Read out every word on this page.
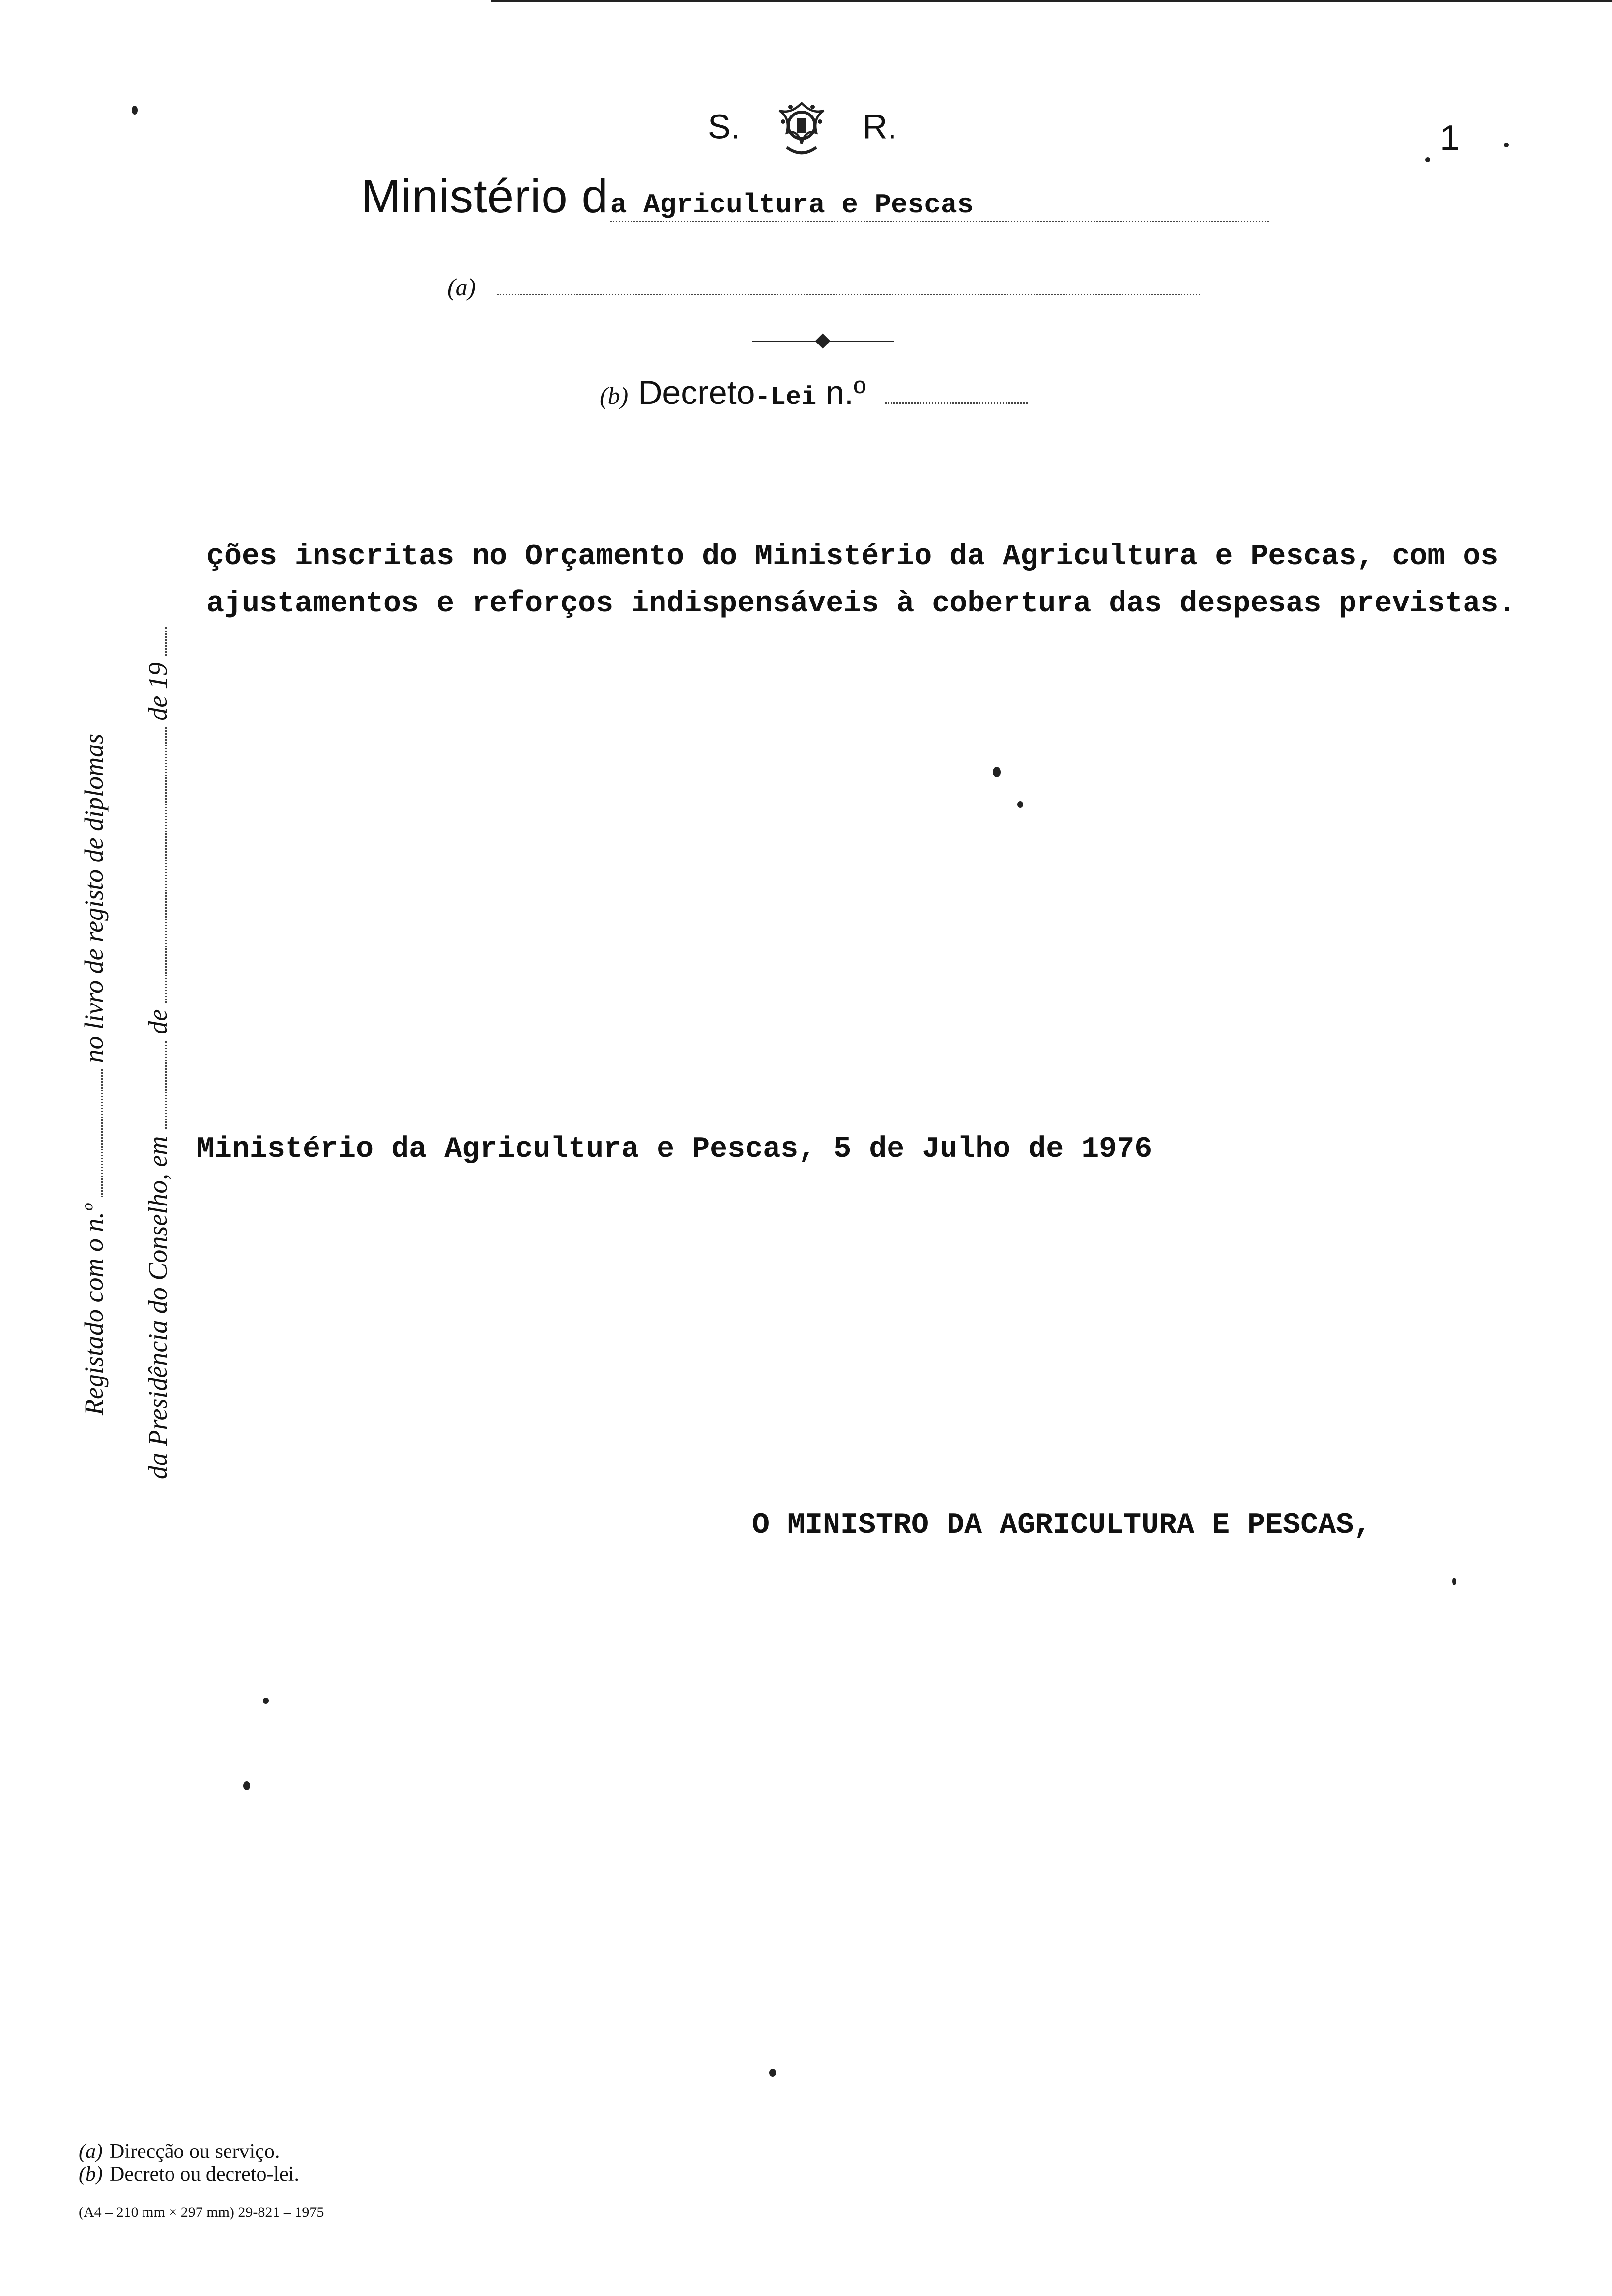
S.	R.	1
Ministério d a Agricultura e Pescas
(a)
(b) Decreto-Lei n.º

ções inscritas no Orçamento do Ministério da Agricultura e Pescas, com os

ajustamentos e reforços indispensáveis à cobertura das despesas previstas.

Ministério da Agricultura e Pescas, 5 de Julho de 1976
O MINISTRO DA AGRICULTURA E PESCAS,
Registado com o n.º  no livro de registo de diplomas
da Presidência do Conselho, em  de  de 19

(a) Direcção ou serviço.

(b) Decreto ou decreto-lei.

(A4 – 210 mm × 297 mm) 29-821 – 1975
